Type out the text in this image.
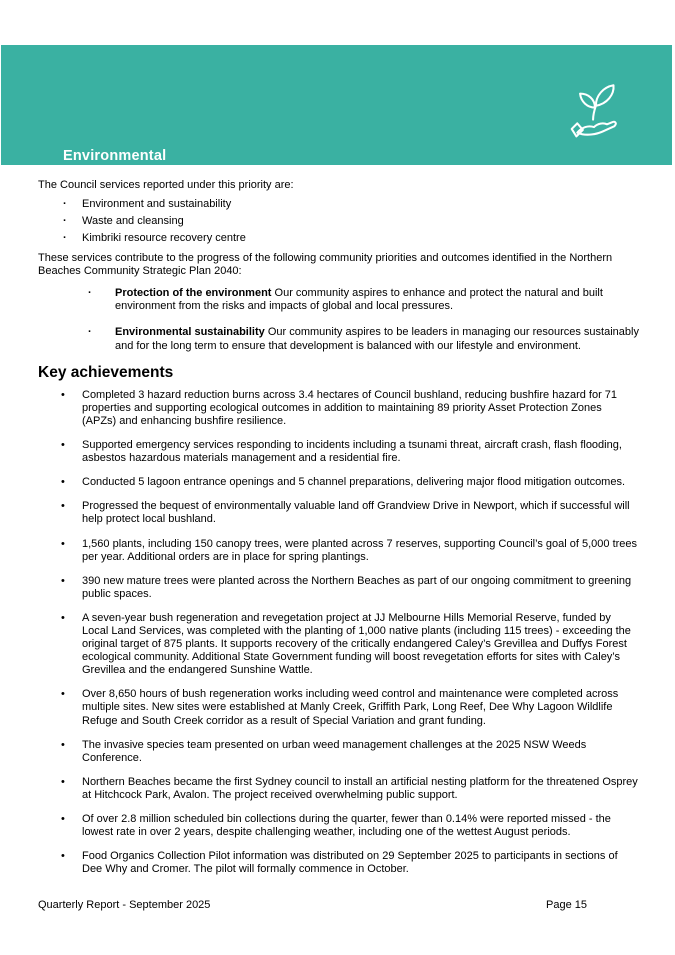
Environmental

The Council services reported under this priority are:

· Environment and sustainability
· Waste and cleansing
· Kimbriki resource recovery centre

These services contribute to the progress of the following community priorities and outcomes identified in the Northern Beaches Community Strategic Plan 2040:

· Protection of the environment Our community aspires to enhance and protect the natural and built environment from the risks and impacts of global and local pressures.
· Environmental sustainability Our community aspires to be leaders in managing our resources sustainably and for the long term to ensure that development is balanced with our lifestyle and environment.
Key achievements
• Completed 3 hazard reduction burns across 3.4 hectares of Council bushland, reducing bushfire hazard for 71 properties and supporting ecological outcomes in addition to maintaining 89 priority Asset Protection Zones (APZs) and enhancing bushfire resilience.
• Supported emergency services responding to incidents including a tsunami threat, aircraft crash, flash flooding, asbestos hazardous materials management and a residential fire.
• Conducted 5 lagoon entrance openings and 5 channel preparations, delivering major flood mitigation outcomes.
• Progressed the bequest of environmentally valuable land off Grandview Drive in Newport, which if successful will help protect local bushland.
• 1,560 plants, including 150 canopy trees, were planted across 7 reserves, supporting Council’s goal of 5,000 trees per year. Additional orders are in place for spring plantings.
• 390 new mature trees were planted across the Northern Beaches as part of our ongoing commitment to greening public spaces.
• A seven-year bush regeneration and revegetation project at JJ Melbourne Hills Memorial Reserve, funded by Local Land Services, was completed with the planting of 1,000 native plants (including 115 trees) - exceeding the original target of 875 plants. It supports recovery of the critically endangered Caley’s Grevillea and Duffys Forest ecological community. Additional State Government funding will boost revegetation efforts for sites with Caley’s Grevillea and the endangered Sunshine Wattle.
• Over 8,650 hours of bush regeneration works including weed control and maintenance were completed across multiple sites. New sites were established at Manly Creek, Griffith Park, Long Reef, Dee Why Lagoon Wildlife Refuge and South Creek corridor as a result of Special Variation and grant funding.
• The invasive species team presented on urban weed management challenges at the 2025 NSW Weeds Conference.
• Northern Beaches became the first Sydney council to install an artificial nesting platform for the threatened Osprey at Hitchcock Park, Avalon. The project received overwhelming public support.
• Of over 2.8 million scheduled bin collections during the quarter, fewer than 0.14% were reported missed - the lowest rate in over 2 years, despite challenging weather, including one of the wettest August periods.
• Food Organics Collection Pilot information was distributed on 29 September 2025 to participants in sections of Dee Why and Cromer. The pilot will formally commence in October.
Quarterly Report - September 2025	Page 15
